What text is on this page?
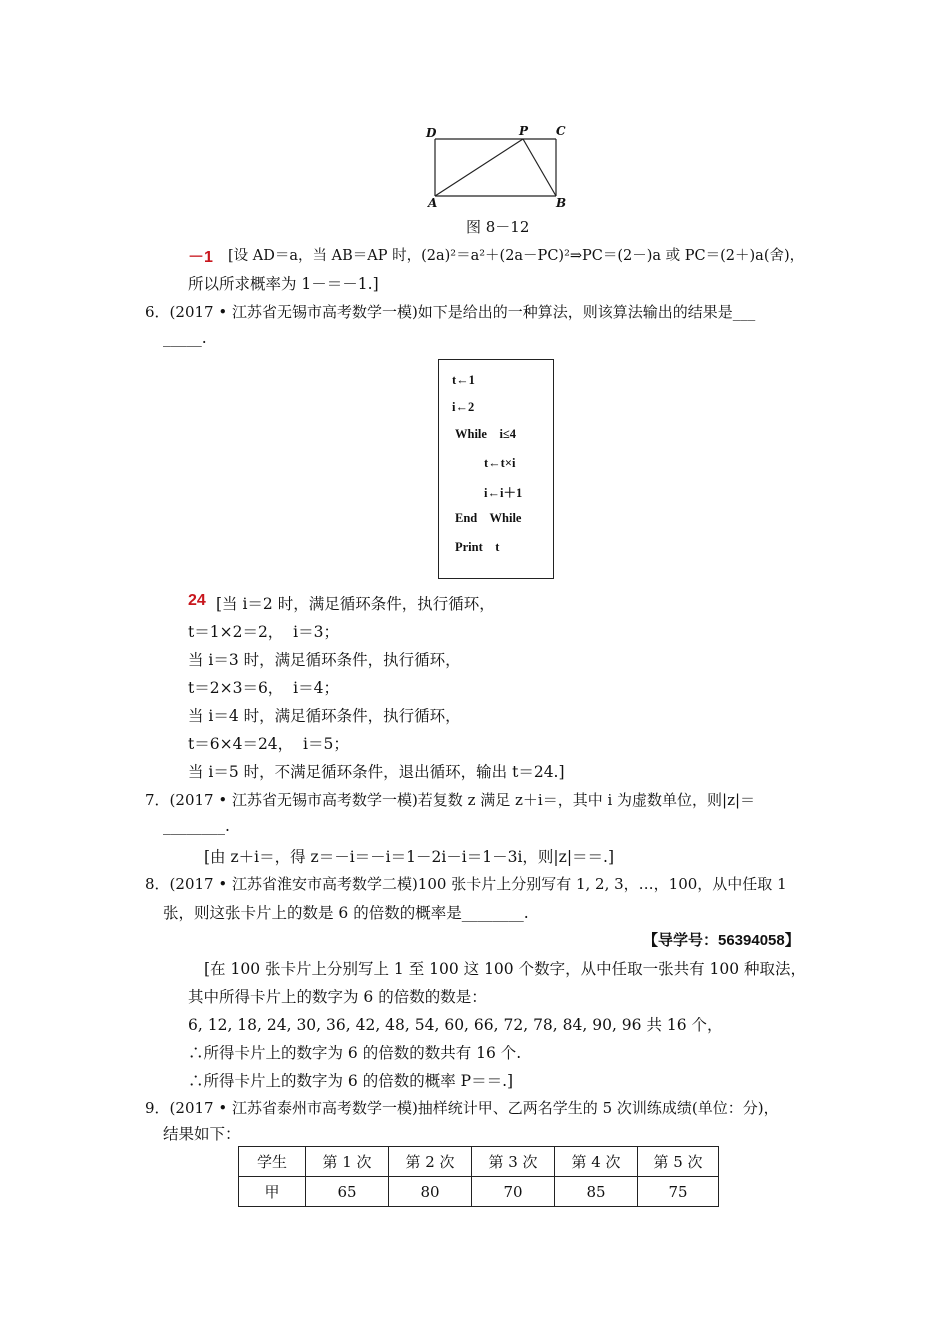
D	P C
A	B
图 8－12
－1 [设 AD＝a，当 AB＝AP 时，(2a)²＝a²＋(2a－PC)²⇒PC＝(2－)a 或 PC＝(2＋)a(舍)，
所以所求概率为 1－＝－1.]
6．(2017 • 江苏省无锡市高考数学一模)如下是给出的一种算法，则该算法输出的结果是___
_____.
t←1
i←2
While    i≤4
t←t×i
i←i＋1
End    While
Print    t
24 [当 i＝2 时，满足循环条件，执行循环，
t＝1×2＝2，  i＝3；
当 i＝3 时，满足循环条件，执行循环，
t＝2×3＝6，  i＝4；
当 i＝4 时，满足循环条件，执行循环，
t＝6×4＝24，  i＝5；
当 i＝5 时，不满足循环条件，退出循环，输出 t＝24.]
7．(2017 • 江苏省无锡市高考数学一模)若复数 z 满足 z＋i＝，其中 i 为虚数单位，则|z|＝
________.
[由 z＋i＝，得 z＝－i＝－i＝1－2i－i＝1－3i，则|z|＝＝.]
8．(2017 • 江苏省淮安市高考数学二模)100 张卡片上分别写有 1, 2, 3，…，100，从中任取 1
张，则这张卡片上的数是 6 的倍数的概率是________.
【导学号：56394058】
[在 100 张卡片上分别写上 1 至 100 这 100 个数字，从中任取一张共有 100 种取法，
其中所得卡片上的数字为 6 的倍数的数是：
6, 12, 18, 24, 30, 36, 42, 48, 54, 60, 66, 72, 78, 84, 90, 96 共 16 个，
∴所得卡片上的数字为 6 的倍数的数共有 16 个.
∴所得卡片上的数字为 6 的倍数的概率 P＝＝.]
9．(2017 • 江苏省泰州市高考数学一模)抽样统计甲、乙两名学生的 5 次训练成绩(单位：分)，
结果如下：
学生	第 1 次	第 2 次	第 3 次	第 4 次	第 5 次
甲	65	80	70	85	75
